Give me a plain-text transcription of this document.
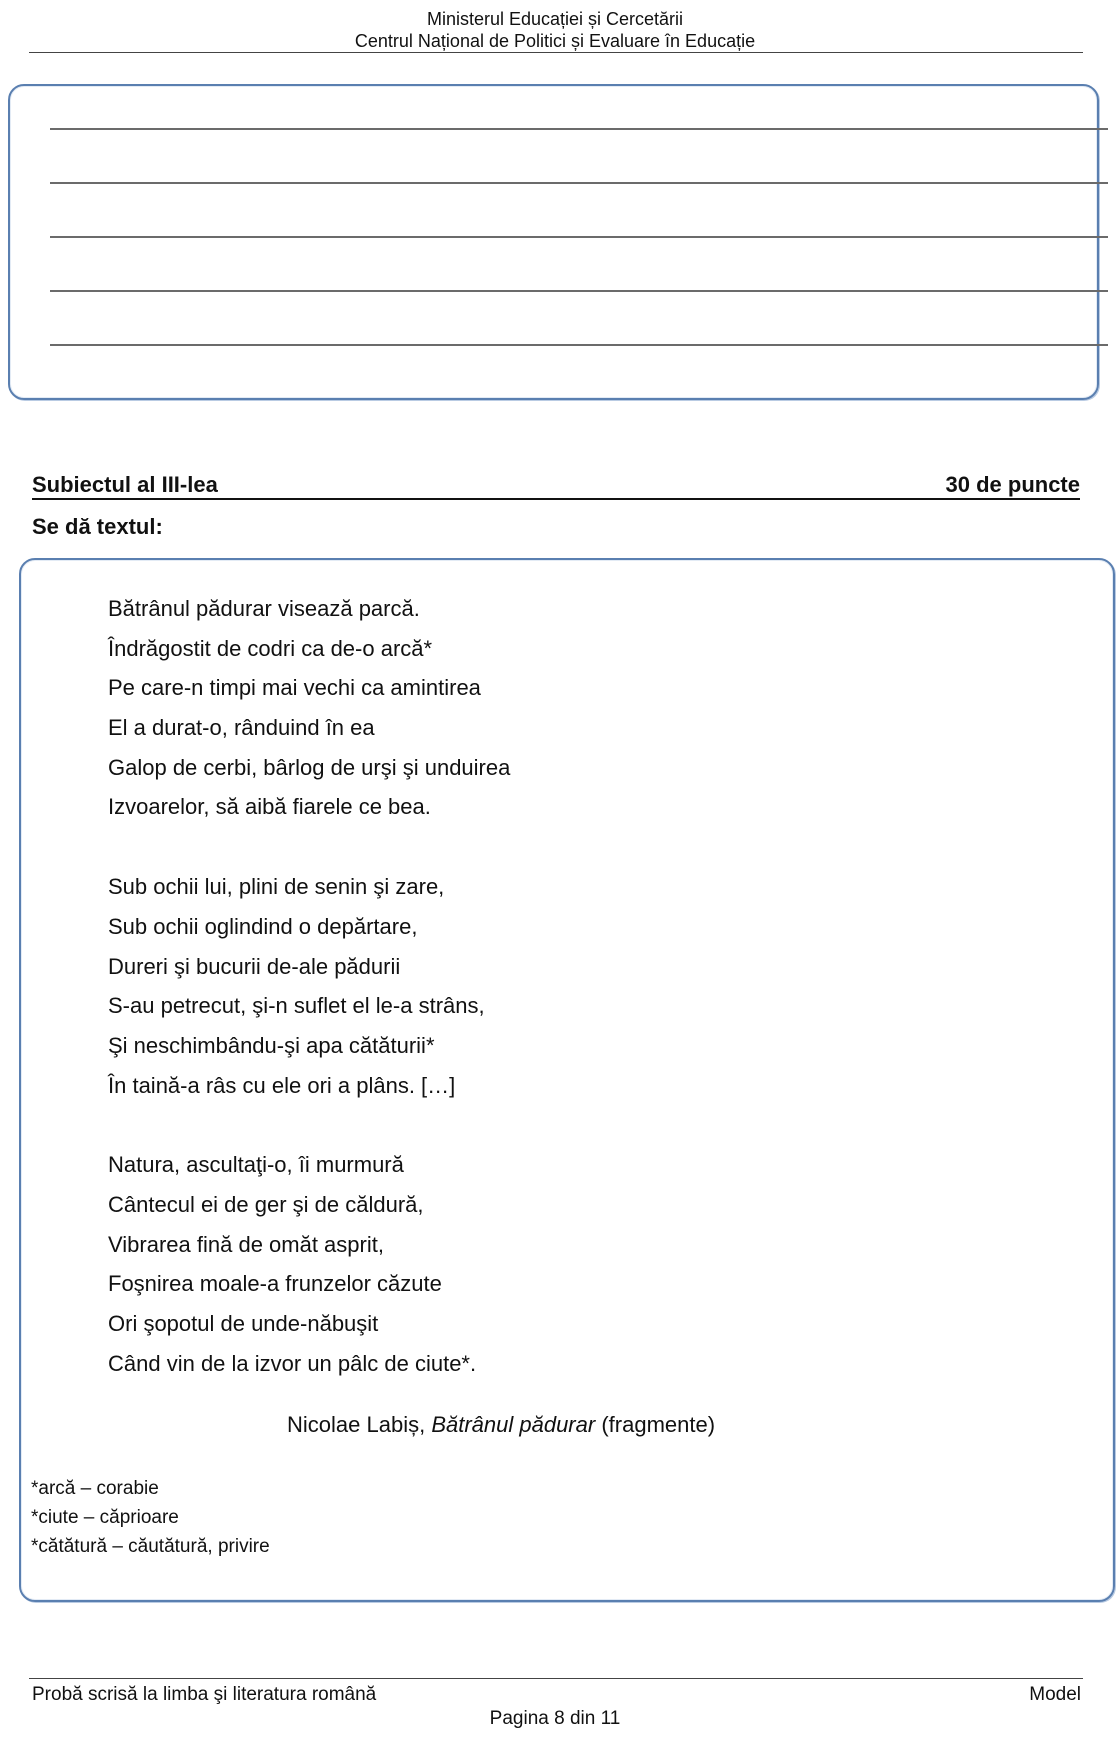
Ministerul Educației și Cercetării
Centrul Național de Politici și Evaluare în Educație
Subiectul al III-lea	30 de puncte
Se dă textul:
Bătrânul pădurar visează parcă.
Îndrăgostit de codri ca de-o arcă*
Pe care-n timpi mai vechi ca amintirea
El a durat-o, rânduind în ea
Galop de cerbi, bârlog de urşi şi unduirea
Izvoarelor, să aibă fiarele ce bea.
Sub ochii lui, plini de senin şi zare,
Sub ochii oglindind o depărtare,
Dureri şi bucurii de-ale pădurii
S-au petrecut, şi-n suflet el le-a strâns,
Şi neschimbându-şi apa cătăturii*
În taină-a râs cu ele ori a plâns. […]
Natura, ascultaţi-o, îi murmură
Cântecul ei de ger şi de căldură,
Vibrarea fină de omăt asprit,
Foşnirea moale-a frunzelor căzute
Ori şopotul de unde-năbuşit
Când vin de la izvor un pâlc de ciute*.
Nicolae Labiș, Bătrânul pădurar (fragmente)
*arcă – corabie
*ciute – căprioare
*cătătură – căutătură, privire
Probă scrisă la limba şi literatura română	Model
Pagina 8 din 11
